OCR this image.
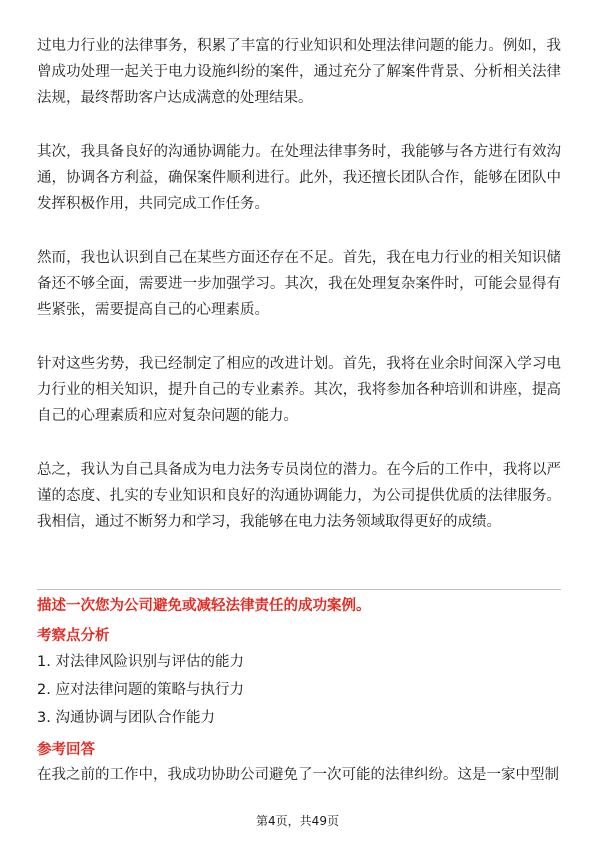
过电力行业的法律事务，积累了丰富的行业知识和处理法律问题的能力。例如，我曾成功处理一起关于电力设施纠纷的案件，通过充分了解案件背景、分析相关法律法规，最终帮助客户达成满意的处理结果。

其次，我具备良好的沟通协调能力。在处理法律事务时，我能够与各方进行有效沟通，协调各方利益，确保案件顺利进行。此外，我还擅长团队合作，能够在团队中发挥积极作用，共同完成工作任务。

然而，我也认识到自己在某些方面还存在不足。首先，我在电力行业的相关知识储备还不够全面，需要进一步加强学习。其次，我在处理复杂案件时，可能会显得有些紧张，需要提高自己的心理素质。

针对这些劣势，我已经制定了相应的改进计划。首先，我将在业余时间深入学习电力行业的相关知识，提升自己的专业素养。其次，我将参加各种培训和讲座，提高自己的心理素质和应对复杂问题的能力。

总之，我认为自己具备成为电力法务专员岗位的潜力。在今后的工作中，我将以严谨的态度、扎实的专业知识和良好的沟通协调能力，为公司提供优质的法律服务。我相信，通过不断努力和学习，我能够在电力法务领域取得更好的成绩。

描述一次您为公司避免或减轻法律责任的成功案例。

考察点分析

1. 对法律风险识别与评估的能力

2. 应对法律问题的策略与执行力

3. 沟通协调与团队合作能力

参考回答

在我之前的工作中，我成功协助公司避免了一次可能的法律纠纷。这是一家中型制

第4页，共49页
